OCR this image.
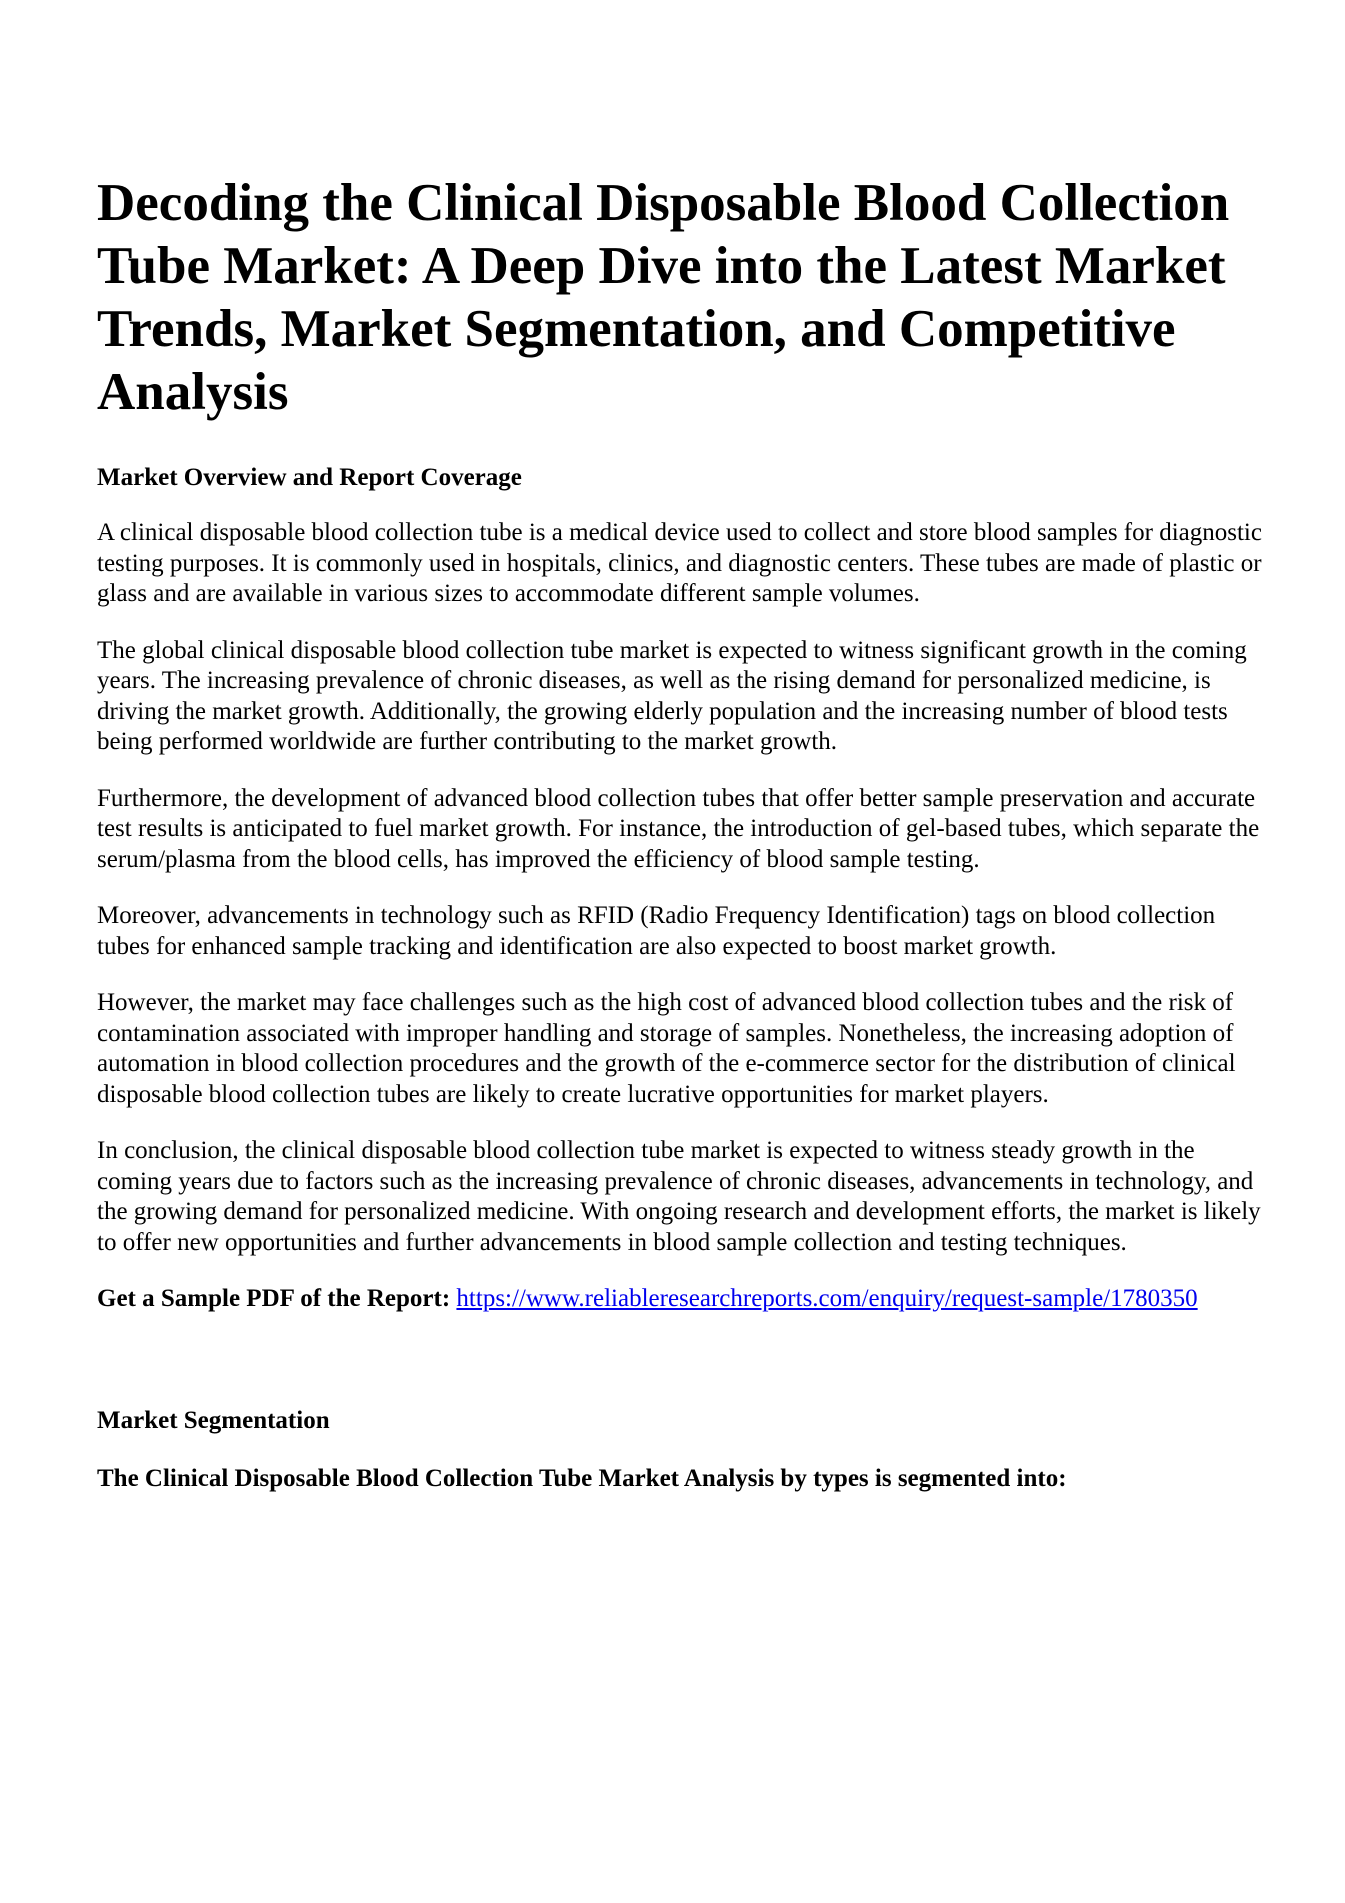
Decoding the Clinical Disposable Blood Collection Tube Market: A Deep Dive into the Latest Market Trends, Market Segmentation, and Competitive Analysis
Market Overview and Report Coverage

A clinical disposable blood collection tube is a medical device used to collect and store blood samples for diagnostic testing purposes. It is commonly used in hospitals, clinics, and diagnostic centers. These tubes are made of plastic or glass and are available in various sizes to accommodate different sample volumes.

The global clinical disposable blood collection tube market is expected to witness significant growth in the coming years. The increasing prevalence of chronic diseases, as well as the rising demand for personalized medicine, is driving the market growth. Additionally, the growing elderly population and the increasing number of blood tests being performed worldwide are further contributing to the market growth.

Furthermore, the development of advanced blood collection tubes that offer better sample preservation and accurate test results is anticipated to fuel market growth. For instance, the introduction of gel-based tubes, which separate the serum/plasma from the blood cells, has improved the efficiency of blood sample testing.

Moreover, advancements in technology such as RFID (Radio Frequency Identification) tags on blood collection tubes for enhanced sample tracking and identification are also expected to boost market growth.

However, the market may face challenges such as the high cost of advanced blood collection tubes and the risk of contamination associated with improper handling and storage of samples. Nonetheless, the increasing adoption of automation in blood collection procedures and the growth of the e-commerce sector for the distribution of clinical disposable blood collection tubes are likely to create lucrative opportunities for market players.

In conclusion, the clinical disposable blood collection tube market is expected to witness steady growth in the coming years due to factors such as the increasing prevalence of chronic diseases, advancements in technology, and the growing demand for personalized medicine. With ongoing research and development efforts, the market is likely to offer new opportunities and further advancements in blood sample collection and testing techniques.

Get a Sample PDF of the Report: https://www.reliableresearchreports.com/enquiry/request-sample/1780350

Market Segmentation
The Clinical Disposable Blood Collection Tube Market Analysis by types is segmented into:
